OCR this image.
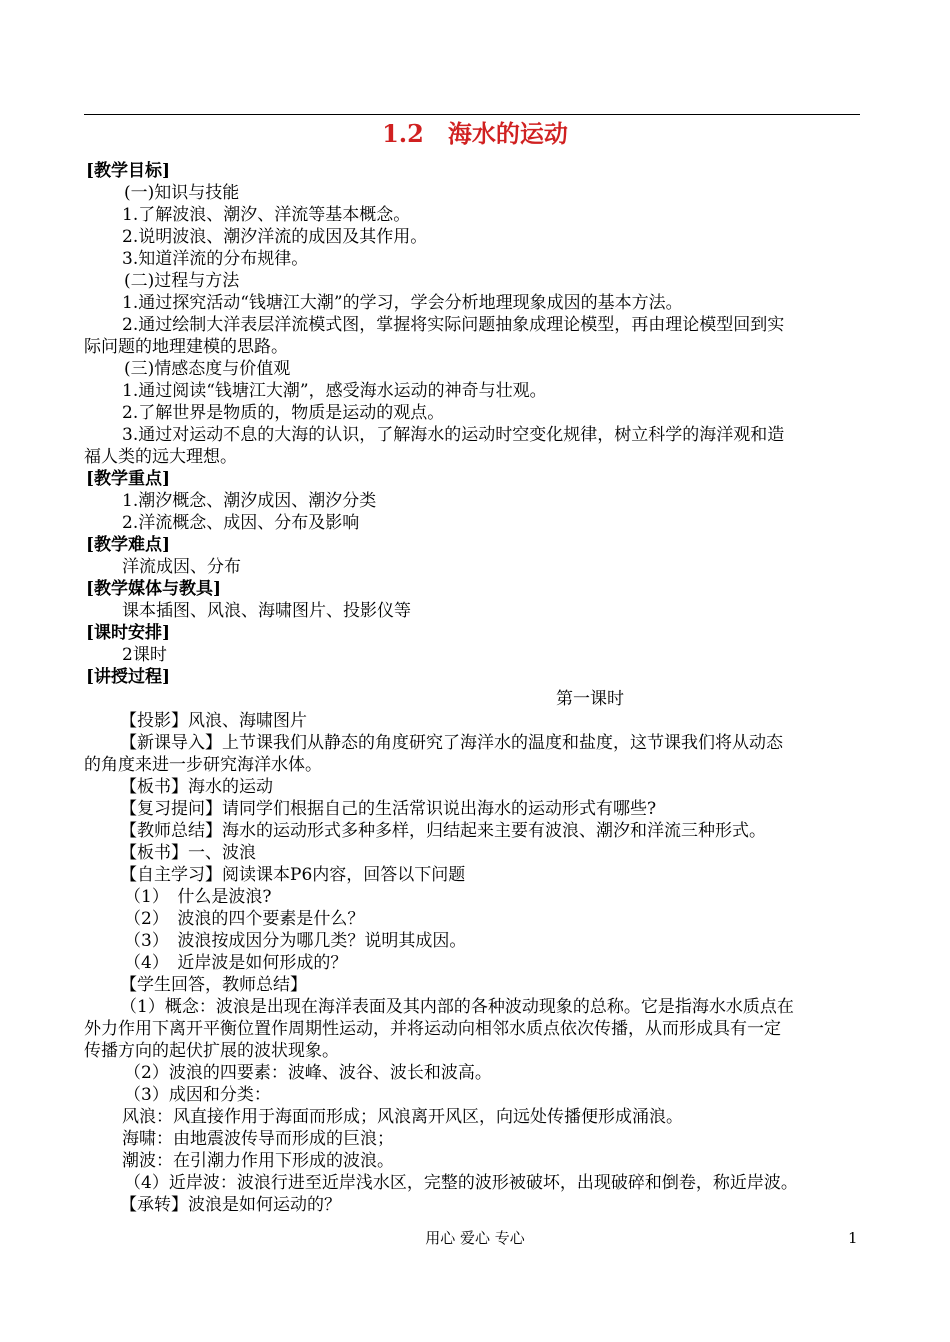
1.2　海水的运动
[教学目标]
(一)知识与技能
1.了解波浪、潮汐、洋流等基本概念。
2.说明波浪、潮汐洋流的成因及其作用。
3.知道洋流的分布规律。
(二)过程与方法
1.通过探究活动“钱塘江大潮”的学习，学会分析地理现象成因的基本方法。
2.通过绘制大洋表层洋流模式图，掌握将实际问题抽象成理论模型，再由理论模型回到实
际问题的地理建模的思路。
(三)情感态度与价值观
1.通过阅读“钱塘江大潮”，感受海水运动的神奇与壮观。
2.了解世界是物质的，物质是运动的观点。
3.通过对运动不息的大海的认识，了解海水的运动时空变化规律，树立科学的海洋观和造
福人类的远大理想。
[教学重点]
1.潮汐概念、潮汐成因、潮汐分类
2.洋流概念、成因、分布及影响
[教学难点]
洋流成因、分布
[教学媒体与教具]
课本插图、风浪、海啸图片、投影仪等
[课时安排]
2课时
[讲授过程]
第一课时
【投影】风浪、海啸图片
【新课导入】上节课我们从静态的角度研究了海洋水的温度和盐度，这节课我们将从动态
的角度来进一步研究海洋水体。
【板书】海水的运动
【复习提问】请同学们根据自己的生活常识说出海水的运动形式有哪些?
【教师总结】海水的运动形式多种多样，归结起来主要有波浪、潮汐和洋流三种形式。
【板书】一、波浪
【自主学习】阅读课本P6内容，回答以下问题
（1）　什么是波浪?
（2）　波浪的四个要素是什么？
（3）　波浪按成因分为哪几类？说明其成因。
（4）　近岸波是如何形成的？
【学生回答，教师总结】
（1）概念：波浪是出现在海洋表面及其内部的各种波动现象的总称。它是指海水水质点在
外力作用下离开平衡位置作周期性运动，并将运动向相邻水质点依次传播，从而形成具有一定
传播方向的起伏扩展的波状现象。
（2）波浪的四要素：波峰、波谷、波长和波高。
（3）成因和分类：
风浪：风直接作用于海面而形成；风浪离开风区，向远处传播便形成涌浪。
海啸：由地震波传导而形成的巨浪；
潮波：在引潮力作用下形成的波浪。
（4）近岸波：波浪行进至近岸浅水区，完整的波形被破坏，出现破碎和倒卷，称近岸波。
【承转】波浪是如何运动的？
用心 爱心 专心	1
